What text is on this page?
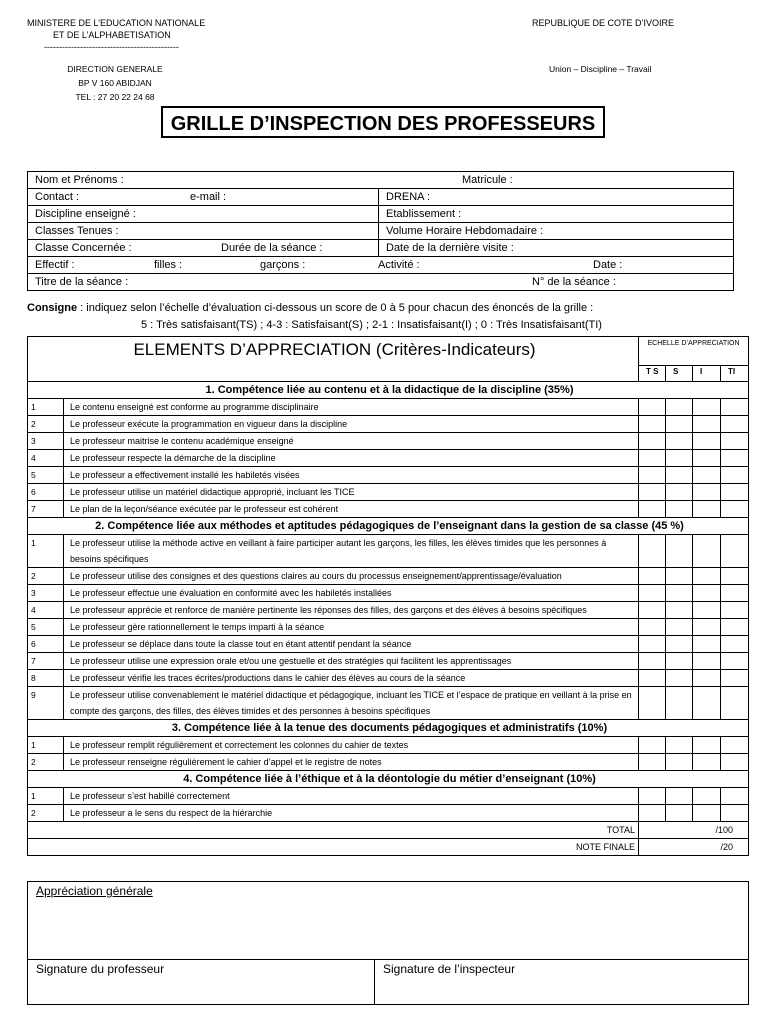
MINISTERE DE L’EDUCATION NATIONALE
ET DE L’ALPHABETISATION
---------------------------------------------
DIRECTION GENERALE
BP V 160 ABIDJAN
TEL : 27 20 22 24 68
REPUBLIQUE DE COTE D’IVOIRE
Union – Discipline – Travail
GRILLE D’INSPECTION DES PROFESSEURS
Nom et Prénoms : Matricule :	

Contact : e-mail :	DRENA :
Discipline enseigné :	Etablissement :
Classes Tenues :	Volume Horaire Hebdomadaire :
Classe Concernée : Durée de la séance :	Date de la dernière visite :
Effectif : filles : garçons : Activité : Date :	

Titre de la séance : N° de la séance :	
Consigne : indiquez selon l’échelle d’évaluation ci-dessous un score de 0 à 5 pour chacun des énoncés de la grille :
5 : Très satisfaisant(TS) ; 4-3 : Satisfaisant(S) ; 2-1 : Insatisfaisant(I) ; 0 : Très Insatisfaisant(TI)
ELEMENTS D’APPRECIATION (Critères-Indicateurs)		ECHELLE D’APPRECIATION			
		T S	S	I	TI
1. Compétence liée au contenu et à la didactique de la discipline (35%)					
1	Le contenu enseigné est conforme au programme disciplinaire				
2	Le professeur exécute la programmation en vigueur dans la discipline				
3	Le professeur maitrise le contenu académique enseigné				
4	Le professeur respecte la démarche de la discipline				
5	Le professeur a effectivement installé les habiletés visées				
6	Le professeur utilise un matériel didactique approprié, incluant les TICE				
7	Le plan de la leçon/séance exécutée par le professeur est cohérent				
2. Compétence liée aux méthodes et aptitudes pédagogiques de l’enseignant dans la gestion de sa classe (45 %)					
1	Le professeur utilise la méthode active en veillant à faire participer autant les garçons, les filles, les élèves timides que les personnes à besoins spécifiques				
2	Le professeur utilise des consignes et des questions claires au cours du processus enseignement/apprentissage/évaluation				
3	Le professeur effectue une évaluation en conformité avec les habiletés installées				
4	Le professeur apprécie et renforce de manière pertinente les réponses des filles, des garçons et des élèves à besoins spécifiques				
5	Le professeur gère rationnellement le temps imparti à la séance				
6	Le professeur se déplace dans toute la classe tout en étant attentif pendant la séance				
7	Le professeur utilise une expression orale et/ou une gestuelle et des stratégies qui facilitent les apprentissages				
8	Le professeur vérifie les traces écrites/productions dans le cahier des élèves au cours de la séance				
9	Le professeur utilise convenablement le matériel didactique et pédagogique, incluant les TICE et l’espace de pratique en veillant à la prise en compte des garçons, des filles, des élèves timides et des personnes à besoins spécifiques				
3. Compétence liée à la tenue des documents pédagogiques et administratifs (10%)					
1	Le professeur remplit régulièrement et correctement les colonnes du cahier de textes				
2	Le professeur renseigne régulièrement le cahier d’appel et le registre de notes				
4. Compétence liée à l’éthique et à la déontologie du métier d’enseignant (10%)					
1	Le professeur s’est habillé correctement				
2	Le professeur a le sens du respect de la hiérarchie				
TOTAL		/100			
NOTE FINALE		/20			
Appréciation générale
Signature du professeur	Signature de l’inspecteur
